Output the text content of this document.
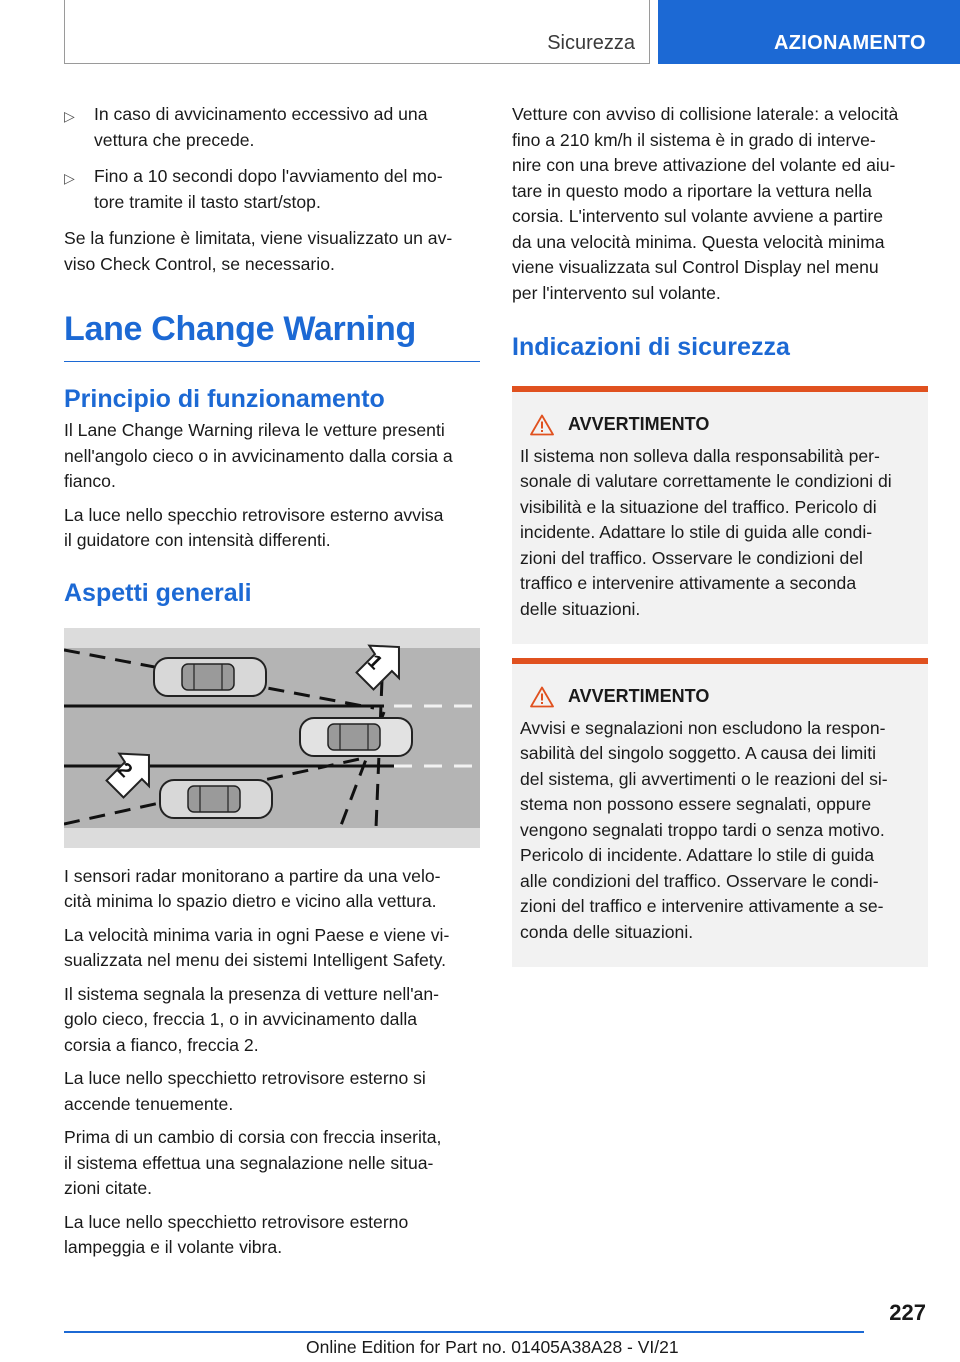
Sicurezza	AZIONAMENTO
▷ In caso di avvicinamento eccessivo ad una
vettura che precede.
▷ Fino a 10 secondi dopo l'avviamento del mo-
tore tramite il tasto start/stop.

Se la funzione è limitata, viene visualizzato un av-
viso Check Control, se necessario.

Lane Change Warning
Principio di funzionamento

Il Lane Change Warning rileva le vetture presenti
nell'angolo cieco o in avvicinamento dalla corsia a
fianco.

La luce nello specchio retrovisore esterno avvisa
il guidatore con intensità differenti.

Aspetti generali
1
2

I sensori radar monitorano a partire da una velo-
cità minima lo spazio dietro e vicino alla vettura.

La velocità minima varia in ogni Paese e viene vi-
sualizzata nel menu dei sistemi Intelligent Safety.

Il sistema segnala la presenza di vetture nell'an-
golo cieco, freccia 1, o in avvicinamento dalla
corsia a fianco, freccia 2.

La luce nello specchietto retrovisore esterno si
accende tenuemente.

Prima di un cambio di corsia con freccia inserita,
il sistema effettua una segnalazione nelle situa-
zioni citate.

La luce nello specchietto retrovisore esterno
lampeggia e il volante vibra.

Vetture con avviso di collisione laterale: a velocità
fino a 210 km/h il sistema è in grado di interve-
nire con una breve attivazione del volante ed aiu-
tare in questo modo a riportare la vettura nella
corsia. L'intervento sul volante avviene a partire
da una velocità minima. Questa velocità minima
viene visualizzata sul Control Display nel menu
per l'intervento sul volante.

Indicazioni di sicurezza
AVVERTIMENTO
Il sistema non solleva dalla responsabilità per-
sonale di valutare correttamente le condizioni di
visibilità e la situazione del traffico. Pericolo di
incidente. Adattare lo stile di guida alle condi-
zioni del traffico. Osservare le condizioni del
traffico e intervenire attivamente a seconda
delle situazioni.
AVVERTIMENTO
Avvisi e segnalazioni non escludono la respon-
sabilità del singolo soggetto. A causa dei limiti
del sistema, gli avvertimenti o le reazioni del si-
stema non possono essere segnalati, oppure
vengono segnalati troppo tardi o senza motivo.
Pericolo di incidente. Adattare lo stile di guida
alle condizioni del traffico. Osservare le condi-
zioni del traffico e intervenire attivamente a se-
conda delle situazioni.
227
Online Edition for Part no. 01405A38A28 - VI/21
